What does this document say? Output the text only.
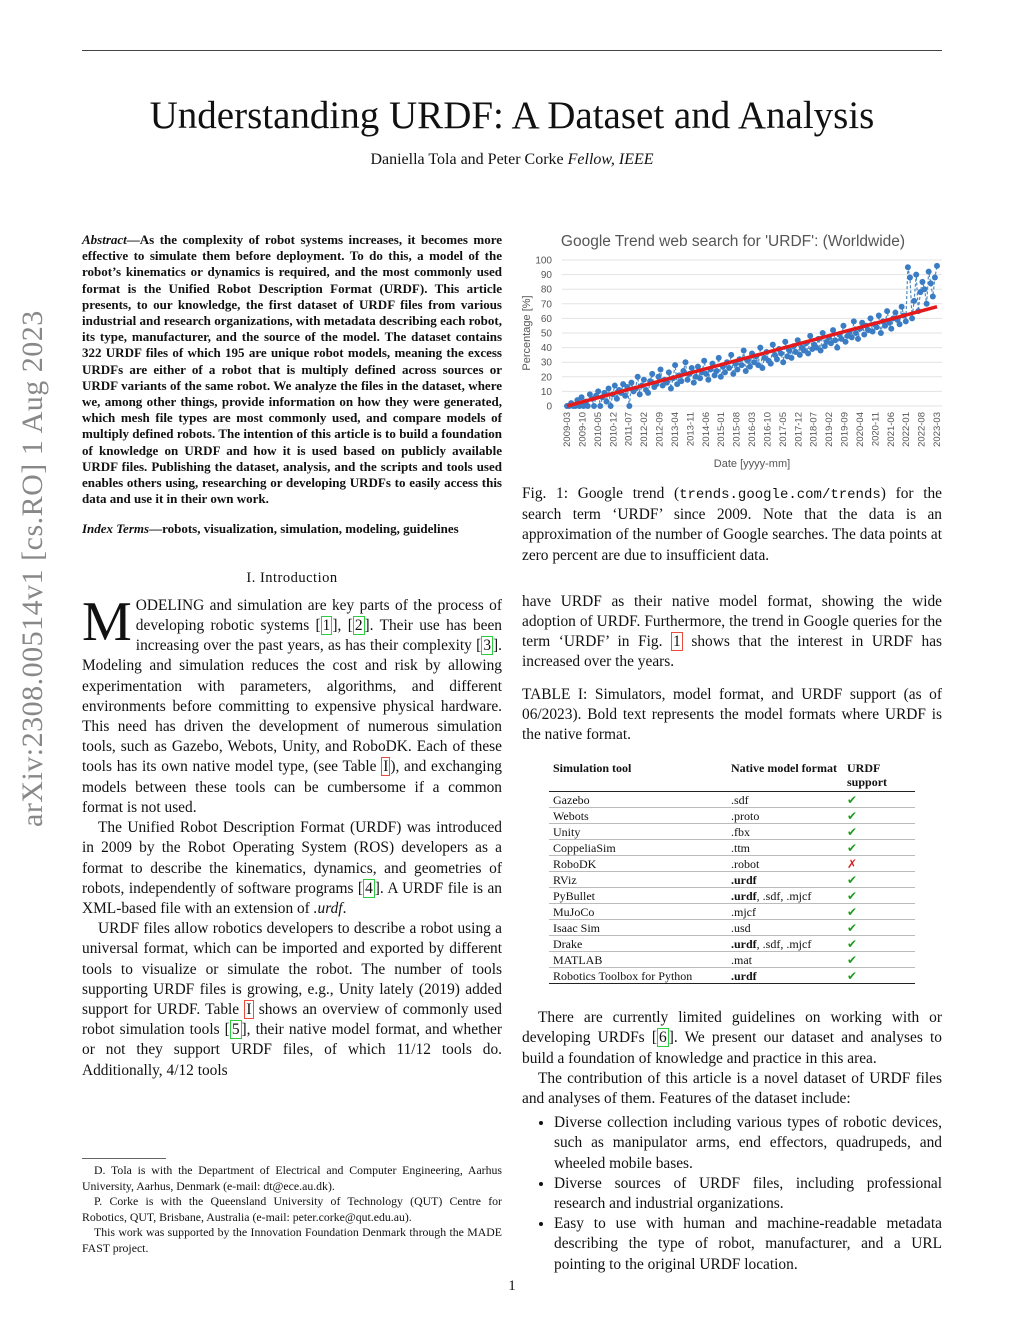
arXiv:2308.00514v1 [cs.RO] 1 Aug 2023
Understanding URDF: A Dataset and Analysis
Daniella Tola and Peter Corke Fellow, IEEE
Abstract—As the complexity of robot systems increases, it becomes more effective to simulate them before deployment. To do this, a model of the robot’s kinematics or dynamics is required, and the most commonly used format is the Unified Robot Description Format (URDF). This article presents, to our knowledge, the first dataset of URDF files from various industrial and research organizations, with metadata describing each robot, its type, manufacturer, and the source of the model. The dataset contains 322 URDF files of which 195 are unique robot models, meaning the excess URDFs are either of a robot that is multiply defined across sources or URDF variants of the same robot. We analyze the files in the dataset, where we, among other things, provide information on how they were generated, which mesh file types are most commonly used, and compare models of multiply defined robots. The intention of this article is to build a foundation of knowledge on URDF and how it is used based on publicly available URDF files. Publishing the dataset, analysis, and the scripts and tools used enables others using, researching or developing URDFs to easily access this data and use it in their own work.
Index Terms—robots, visualization, simulation, modeling, guidelines
I. Introduction

MODELING and simulation are key parts of the process of developing robotic systems [ 1 ], [ 2 ]. Their use has been increasing over the past years, as has their complexity [ 3 ]. Modeling and simulation reduces the cost and risk by allowing experimentation with parameters, algorithms, and different environments before committing to expensive physical hardware. This need has driven the development of numerous simulation tools, such as Gazebo, Webots, Unity, and RoboDK. Each of these tools has its own native model type, (see Table I ), and exchanging models between these tools can be cumbersome if a common format is not used.

The Unified Robot Description Format (URDF) was introduced in 2009 by the Robot Operating System (ROS) developers as a format to describe the kinematics, dynamics, and geometries of robots, independently of software programs [ 4 ]. A URDF file is an XML-based file with an extension of .urdf.

URDF files allow robotics developers to describe a robot using a universal format, which can be imported and exported by different tools to visualize or simulate the robot. The number of tools supporting URDF files is growing, e.g., Unity lately (2019) added support for URDF. Table I shows an overview of commonly used robot simulation tools [ 5 ], their native model format, and whether or not they support URDF files, of which 11/12 tools do. Additionally, 4/12 tools

D. Tola is with the Department of Electrical and Computer Engineering, Aarhus University, Aarhus, Denmark (e-mail: dt@ece.au.dk).

P. Corke is with the Queensland University of Technology (QUT) Centre for Robotics, QUT, Brisbane, Australia (e-mail: peter.corke@qut.edu.au).

This work was supported by the Innovation Foundation Denmark through the MADE FAST project.

Google Trend web search for 'URDF': (Worldwide)
0
10
20
30
40
50
60
70
80
90
100
Percentage [%]
2009-03 2009-10 2010-05 2010-12 2011-07 2012-02 2012-09 2013-04 2013-11 2014-06 2015-01 2015-08 2016-03 2016-10 2017-05 2017-12 2018-07 2019-02 2019-09 2020-04 2020-11 2021-06 2022-01 2022-08 2023-03
Date [yyyy-mm]

Fig. 1: Google trend (trends.google.com/trends) for the search term ‘URDF’ since 2009. Note that the data is an approximation of the number of Google searches. The data points at zero percent are due to insufficient data.

have URDF as their native model format, showing the wide adoption of URDF. Furthermore, the trend in Google queries for the term ‘URDF’ in Fig. 1 shows that the interest in URDF has increased over the years.

TABLE I: Simulators, model format, and URDF support (as of 06/2023). Bold text represents the model formats where URDF is the native format.

Simulation tool	Native model format	URDF support
Gazebo	.sdf	✔
Webots	.proto	✔
Unity	.fbx	✔
CoppeliaSim	.ttm	✔
RoboDK	.robot	✗
RViz	.urdf	✔
PyBullet	.urdf, .sdf, .mjcf	✔
MuJoCo	.mjcf	✔
Isaac Sim	.usd	✔
Drake	.urdf, .sdf, .mjcf	✔
MATLAB	.mat	✔
Robotics Toolbox for Python	.urdf	✔

There are currently limited guidelines on working with or developing URDFs [ 6 ]. We present our dataset and analyses to build a foundation of knowledge and practice in this area.

The contribution of this article is a novel dataset of URDF files and analyses of them. Features of the dataset include:

• Diverse collection including various types of robotic devices, such as manipulator arms, end effectors, quadrupeds, and wheeled mobile bases.
• Diverse sources of URDF files, including professional research and industrial organizations.
• Easy to use with human and machine-readable metadata describing the type of robot, manufacturer, and a URL pointing to the original URDF location.
1
